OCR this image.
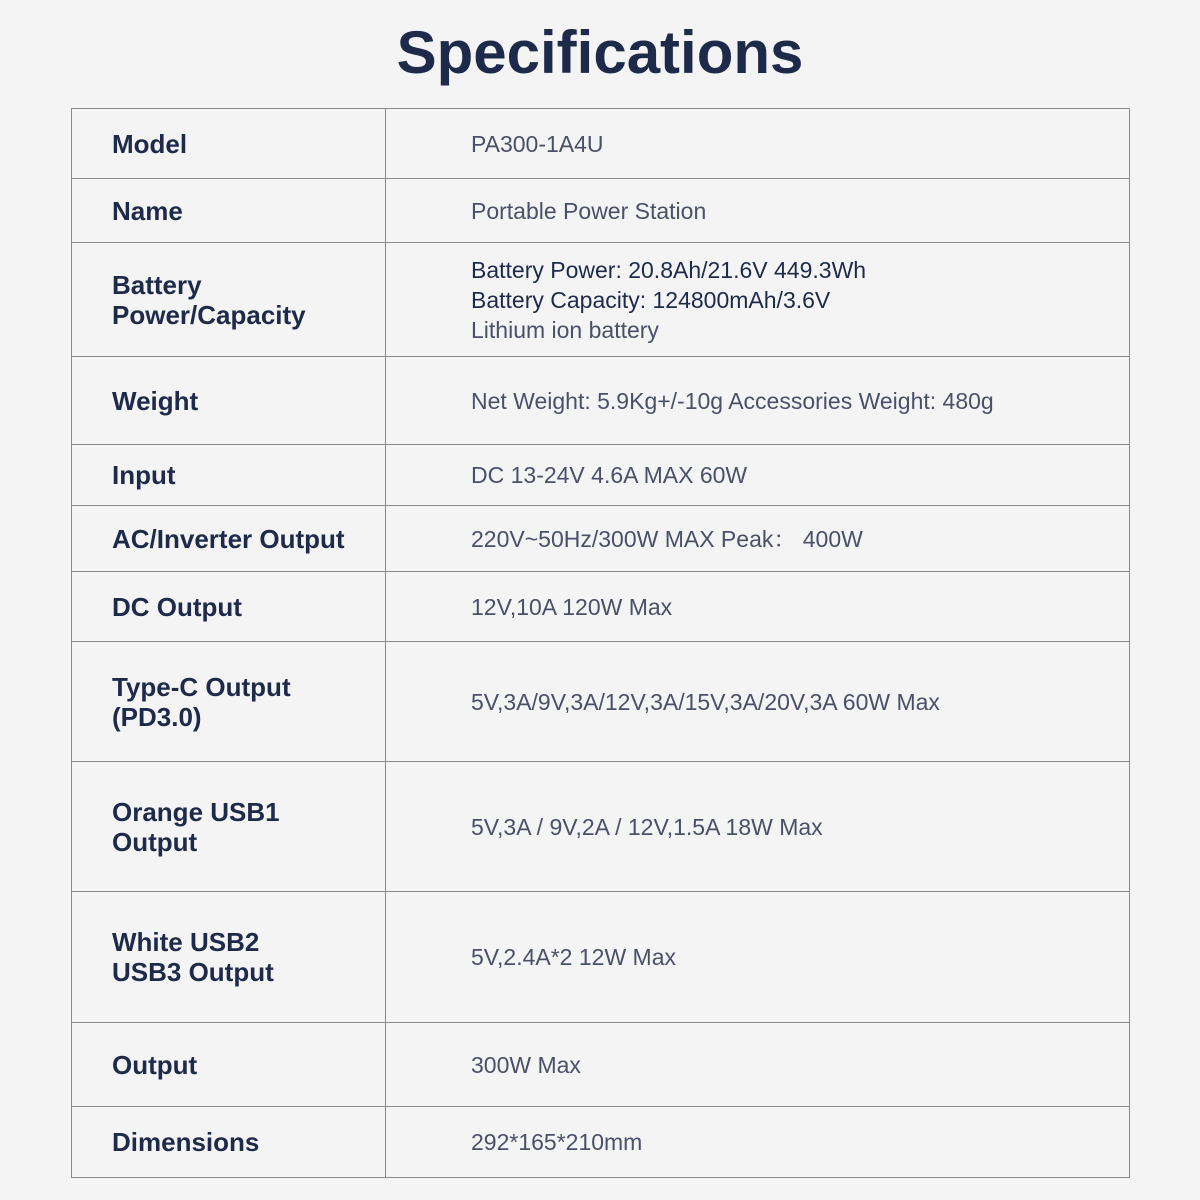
Specifications
Model	PA300-1A4U

Name	Portable Power Station

Battery
Power/Capacity	Battery Power: 20.8Ah/21.6V 449.3Wh
Battery Capacity: 124800mAh/3.6V
Lithium ion battery

Weight	Net Weight: 5.9Kg+/-10g Accessories Weight: 480g

Input	DC 13-24V 4.6A MAX 60W

AC/Inverter Output	220V~50Hz/300W MAX Peak： 400W

DC Output	12V,10A 120W Max

Type-C Output
(PD3.0)	5V,3A/9V,3A/12V,3A/15V,3A/20V,3A 60W Max

Orange USB1
Output	5V,3A / 9V,2A / 12V,1.5A 18W Max

White USB2
USB3 Output	5V,2.4A*2 12W Max

Output	300W Max

Dimensions	292*165*210mm
